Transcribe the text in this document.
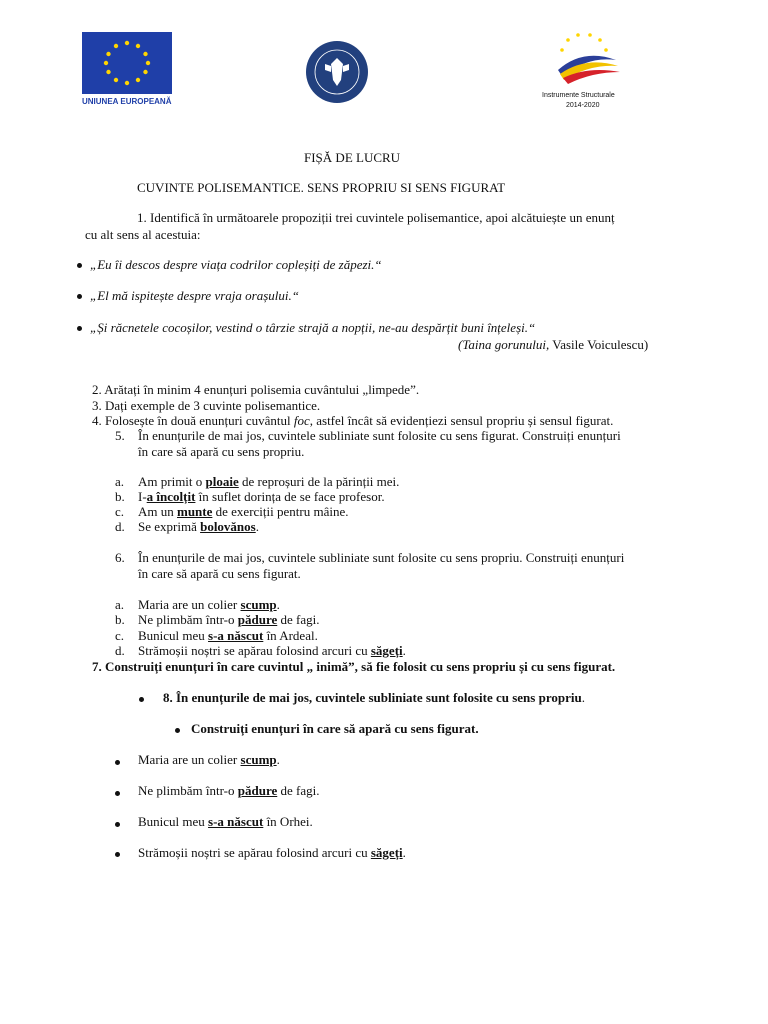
UNIUNEA EUROPEANĂ
Instrumente Structurale
2014-2020
FIȘĂ DE LUCRU
CUVINTE POLISEMANTICE. SENS PROPRIU SI SENS FIGURAT
1. Identifică în următoarele propoziții trei cuvintele polisemantice, apoi alcătuiește un enunț
cu alt sens al acestuia:
„Eu îi descos despre viața codrilor copleșiți de zăpezi.“
„El mă ispitește despre vraja orașului.“
„Și răcnetele cocoșilor, vestind o târzie strajă a nopții, ne-au despărțit buni înțeleși.“
(Taina gorunului, Vasile Voiculescu)
2. Arătați în minim 4 enunțuri polisemia cuvântului „limpede”.
3. Dați exemple de 3 cuvinte polisemantice.
4. Folosește în două enunțuri cuvântul foc, astfel încât să evidențiezi sensul propriu și sensul figurat.
5. În enunțurile de mai jos, cuvintele subliniate sunt folosite cu sens figurat. Construiți enunțuri
în care să apară cu sens propriu.
a. Am primit o ploaie de reproșuri de la părinții mei.
b. I-a încolțit în suflet dorința de se face profesor.
c. Am un munte de exerciții pentru mâine.
d. Se exprimă bolovănos.
6. În enunțurile de mai jos, cuvintele subliniate sunt folosite cu sens propriu. Construiți enunțuri
în care să apară cu sens figurat.
a. Maria are un colier scump.
b. Ne plimbăm într-o pădure de fagi.
c. Bunicul meu s-a născut în Ardeal.
d. Strămoșii noștri se apărau folosind arcuri cu săgeți.
7. Construiți enunțuri în care cuvintul „ inimă”, să fie folosit cu sens propriu și cu sens figurat.
8. În enunțurile de mai jos, cuvintele subliniate sunt folosite cu sens propriu.
Construiți enunțuri în care să apară cu sens figurat.
Maria are un colier scump.
Ne plimbăm într-o pădure de fagi.
Bunicul meu s-a născut în Orhei.
Strămoșii noștri se apărau folosind arcuri cu săgeți.
